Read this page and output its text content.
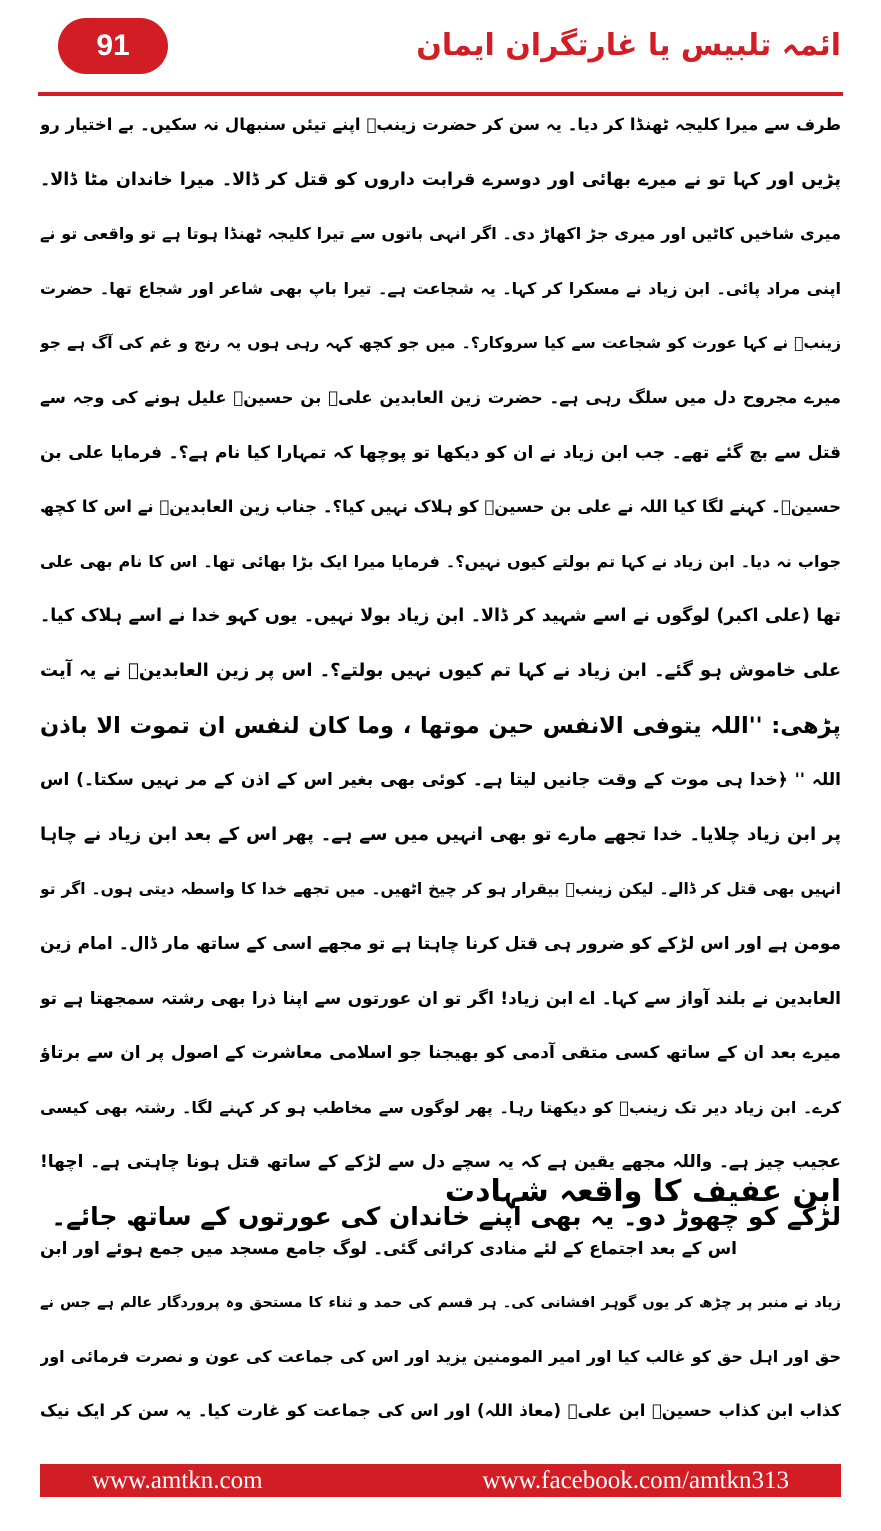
91	ائمہ تلبیس یا غارتگران ایمان
طرف سے میرا کلیجہ ٹھنڈا کر دیا۔ یہ سن کر حضرت زینبؓ اپنے تیئں سنبھال نہ سکیں۔ بے اختیار رو
پڑیں اور کہا تو نے میرے بھائی اور دوسرے قرابت داروں کو قتل کر ڈالا۔ میرا خاندان مٹا ڈالا۔
میری شاخیں کاٹیں اور میری جڑ اکھاڑ دی۔ اگر انہی باتوں سے تیرا کلیجہ ٹھنڈا ہوتا ہے تو واقعی تو نے
اپنی مراد پائی۔ ابن زیاد نے مسکرا کر کہا۔ یہ شجاعت ہے۔ تیرا باپ بھی شاعر اور شجاع تھا۔ حضرت
زینبؓ نے کہا عورت کو شجاعت سے کیا سروکار؟۔ میں جو کچھ کہہ رہی ہوں یہ رنج و غم کی آگ ہے جو
میرے مجروح دل میں سلگ رہی ہے۔ حضرت زین العابدین علیؒ بن حسینؓ علیل ہونے کی وجہ سے
قتل سے بچ گئے تھے۔ جب ابن زیاد نے ان کو دیکھا تو پوچھا کہ تمہارا کیا نام ہے؟۔ فرمایا علی بن
حسینؓ۔ کہنے لگا کیا اللہ نے علی بن حسینؓ کو ہلاک نہیں کیا؟۔ جناب زین العابدینؒ نے اس کا کچھ
جواب نہ دیا۔ ابن زیاد نے کہا تم بولتے کیوں نہیں؟۔ فرمایا میرا ایک بڑا بھائی تھا۔ اس کا نام بھی علی
تھا (علی اکبر) لوگوں نے اسے شہید کر ڈالا۔ ابن زیاد بولا نہیں۔ یوں کہو خدا نے اسے ہلاک کیا۔
علی خاموش ہو گئے۔ ابن زیاد نے کہا تم کیوں نہیں بولتے؟۔ اس پر زین العابدینؒ نے یہ آیت
پڑھی: ''اللہ یتوفی الانفس حین موتھا ، وما کان لنفس ان تموت الا باذن
اللہ '' ﴿خدا ہی موت کے وقت جانیں لیتا ہے۔ کوئی بھی بغیر اس کے اذن کے مر نہیں سکتا۔) اس
پر ابن زیاد چلایا۔ خدا تجھے مارے تو بھی انہیں میں سے ہے۔ پھر اس کے بعد ابن زیاد نے چاہا
انہیں بھی قتل کر ڈالے۔ لیکن زینبؓ بیقرار ہو کر چیخ اٹھیں۔ میں تجھے خدا کا واسطہ دیتی ہوں۔ اگر تو
مومن ہے اور اس لڑکے کو ضرور ہی قتل کرنا چاہتا ہے تو مجھے اسی کے ساتھ مار ڈال۔ امام زین
العابدین نے بلند آواز سے کہا۔ اے ابن زیاد! اگر تو ان عورتوں سے اپنا ذرا بھی رشتہ سمجھتا ہے تو
میرے بعد ان کے ساتھ کسی متقی آدمی کو بھیجنا جو اسلامی معاشرت کے اصول پر ان سے برتاؤ
کرے۔ ابن زیاد دیر تک زینبؓ کو دیکھتا رہا۔ پھر لوگوں سے مخاطب ہو کر کہنے لگا۔ رشتہ بھی کیسی
عجیب چیز ہے۔ واللہ مجھے یقین ہے کہ یہ سچے دل سے لڑکے کے ساتھ قتل ہونا چاہتی ہے۔ اچھا!
لڑکے کو چھوڑ دو۔ یہ بھی اپنے خاندان کی عورتوں کے ساتھ جائے۔
ابن عفیف کا واقعہ شہادت
اس کے بعد اجتماع کے لئے منادی کرائی گئی۔ لوگ جامع مسجد میں جمع ہوئے اور ابن
زیاد نے منبر پر چڑھ کر یوں گوہر افشانی کی۔ ہر قسم کی حمد و ثناء کا مستحق وہ پروردگار عالم ہے جس نے
حق اور اہل حق کو غالب کیا اور امیر المومنین یزید اور اس کی جماعت کی عون و نصرت فرمائی اور
کذاب ابن کذاب حسینؓ ابن علیؓ (معاذ اللہ) اور اس کی جماعت کو غارت کیا۔ یہ سن کر ایک نیک
www.amtkn.com	www.facebook.com/amtkn313
